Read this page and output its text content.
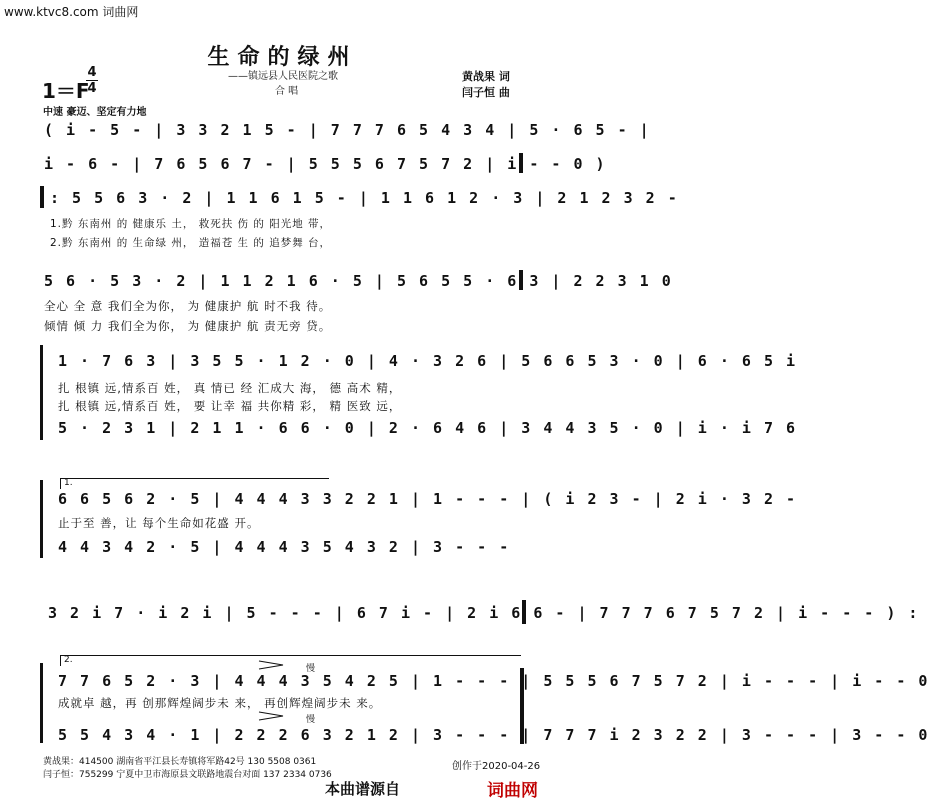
www.ktvc8.com 词曲网
生命的绿州
——镇远县人民医院之歌
合 唱
1＝F
4
4
黄战果 词
闫子恒 曲
中速 豪迈、坚定有力地
( i - 5 - | 3 3 2 1 5 - | 7 7 7 6 5 4 3 4 | 5 · 6 5 - |
i - 6 - | 7 6 5 6 7 - | 5 5 5 6 7 5 7 2 | i - - 0 )
: 5 5 6 3 · 2 | 1 1 6 1 5 - | 1 1 6 1 2 · 3 | 2 1 2 3 2 -
1.黔 东南州 的 健康乐 土， 救死扶 伤 的 阳光地 带，
2.黔 东南州 的 生命绿 州， 造福苍 生 的 追梦舞 台，
5 6 · 5 3 · 2 | 1 1 2 1 6 · 5 | 5 6 5 5 · 6 3 | 2 2 3 1 0
全心 全 意 我们全为你， 为 健康护 航 时不我 待。
倾情 倾 力 我们全为你， 为 健康护 航 责无旁 贷。
1 · 7 6 3 | 3 5 5 · 1 2 · 0 | 4 · 3 2 6 | 5 6 6 5 3 · 0 | 6 · 6 5 i
扎 根镇 远,情系百 姓， 真 情已 经 汇成大 海， 德 高术 精，
扎 根镇 远,情系百 姓， 要 让幸 福 共你精 彩， 精 医致 远，
5 · 2 3 1 | 2 1 1 · 6 6 · 0 | 2 · 6 4 6 | 3 4 4 3 5 · 0 | i · i 7 6
1.
6 6 5 6 2 · 5 | 4 4 4 3 3 2 2 1 | 1 - - - | ( i 2 3 - | 2 i · 3 2 -
止于至 善，让 每个生命如花盛 开。
4 4 3 4 2 · 5 | 4 4 4 3 5 4 3 2 | 3 - - -
3 2 i 7 · i 2 i | 5 - - - | 6 7 i - | 2 i 6 6 - | 7 7 7 6 7 5 7 2 | i - - - ) :
2.
慢
7 7 6 5 2 · 3 | 4 4 4 3 5 4 2 5 | 1 - - - | 5 5 5 6 7 5 7 2 | i - - - | i - - 0
成就卓 越，再 创那辉煌阔步未 来， 再创辉煌阔步未 来。
慢
5 5 4 3 4 · 1 | 2 2 2 6 3 2 1 2 | 3 - - - | 7 7 7 i 2 3 2 2 | 3 - - - | 3 - - 0
黄战果：414500 湖南省平江县长寿镇将军路42号 130 5508 0361
闫子恒：755299 宁夏中卫市海原县文联路地震台对面 137 2334 0736
创作于2020-04-26
本曲谱源自	词曲网
